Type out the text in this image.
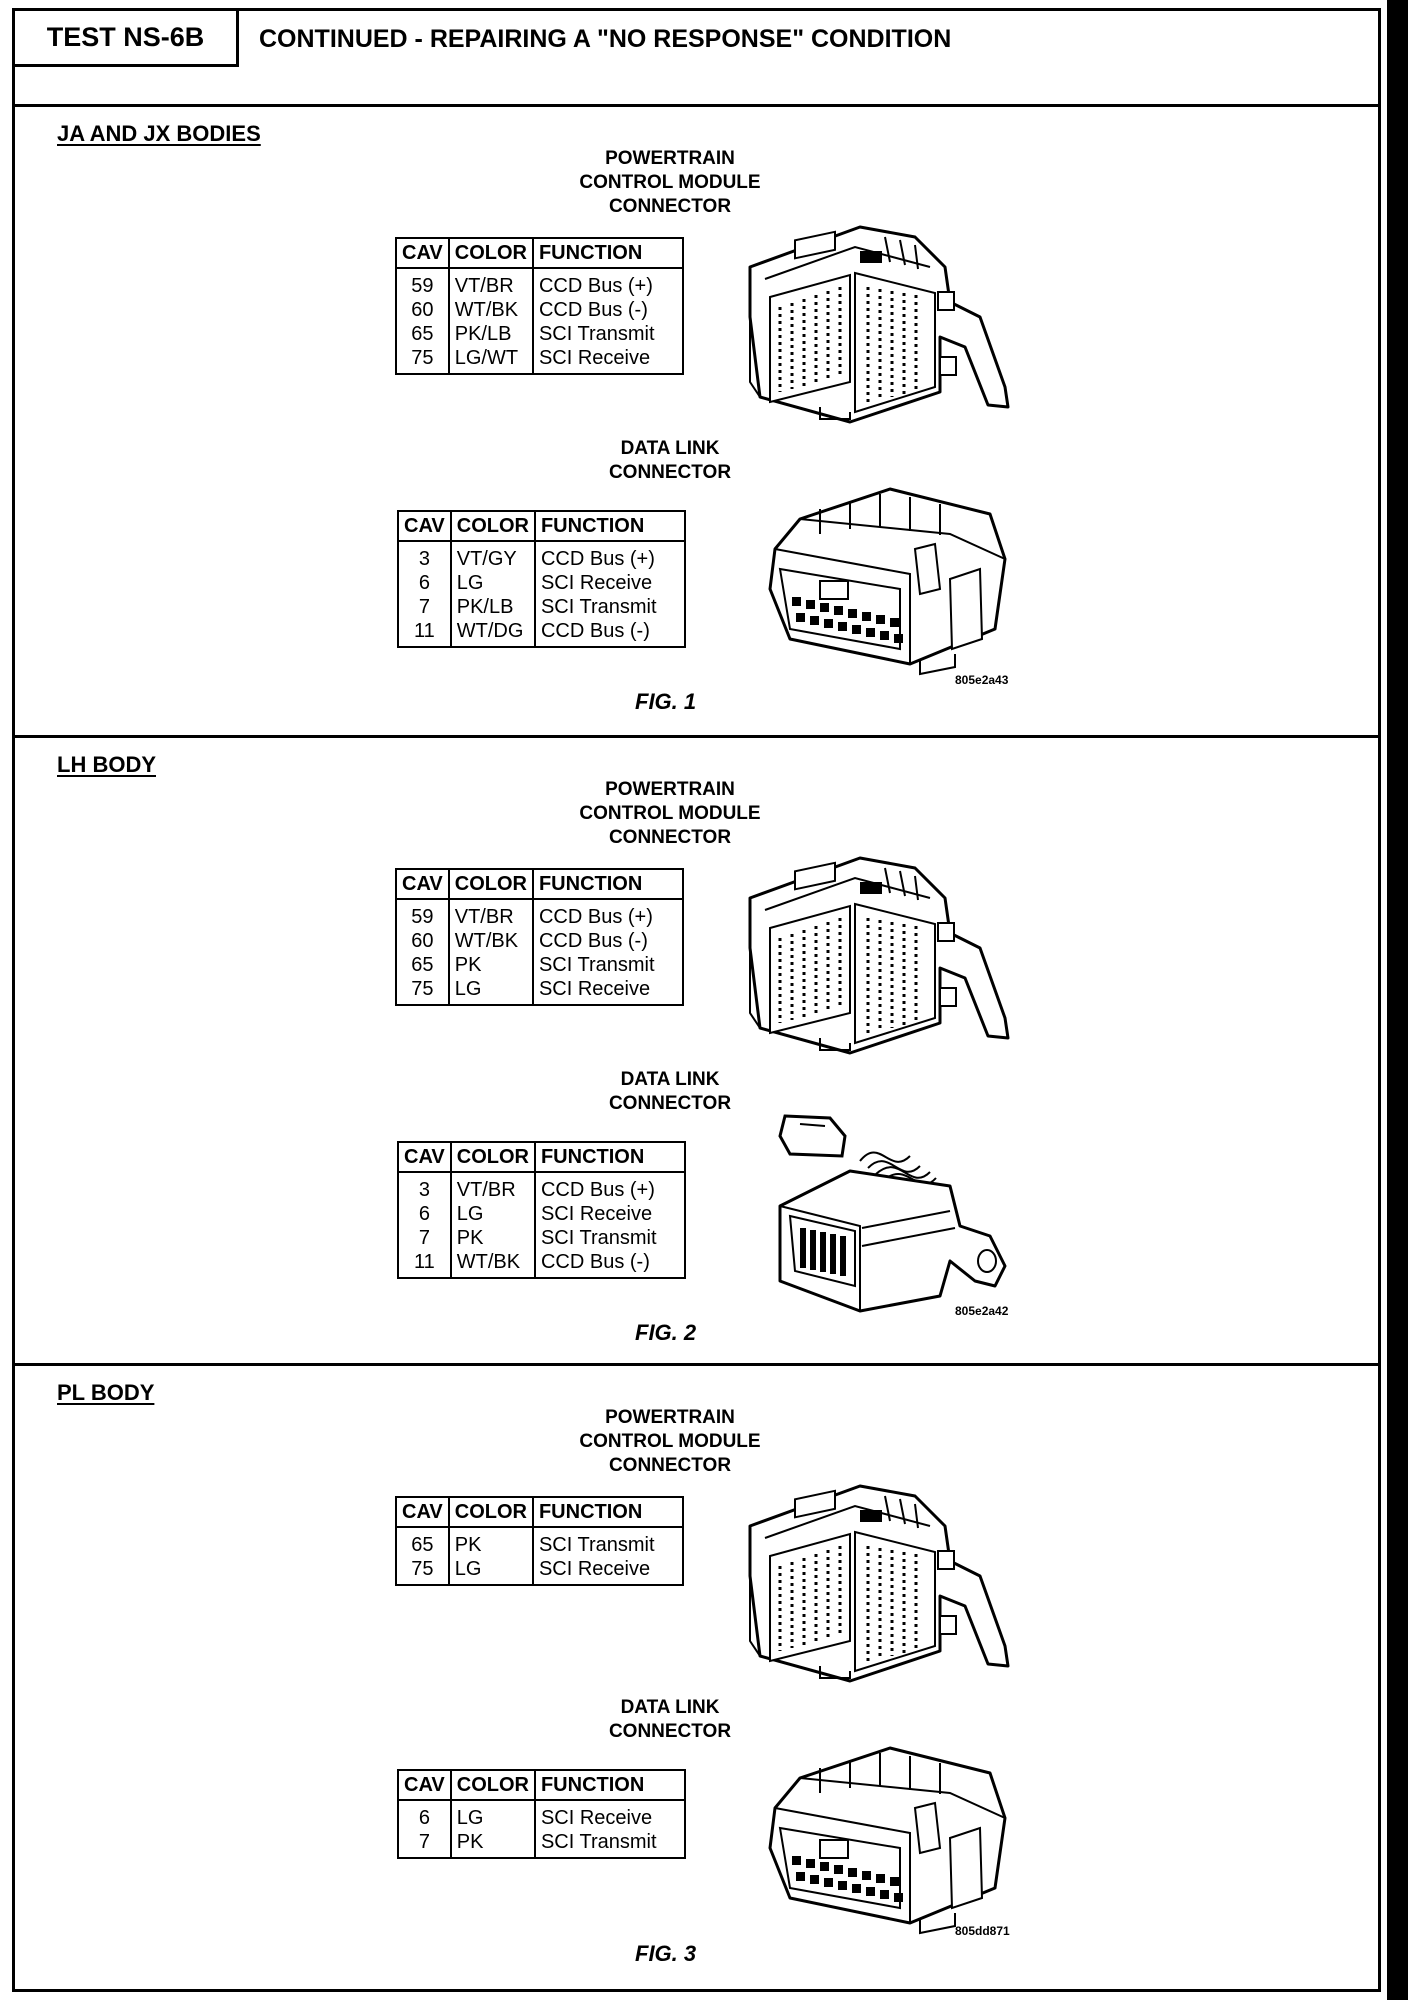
TEST NS-6B	CONTINUED - REPAIRING A "NO RESPONSE" CONDITION
JA AND JX BODIES
POWERTRAIN
CONTROL MODULE
CONNECTOR
CAV	COLOR	FUNCTION
59	VT/BR	CCD Bus (+)
60	WT/BK	CCD Bus (-)
65	PK/LB	SCI Transmit
75	LG/WT	SCI Receive
DATA LINK
CONNECTOR
CAV	COLOR	FUNCTION
3	VT/GY	CCD Bus (+)
6	LG	SCI Receive
7	PK/LB	SCI Transmit
11	WT/DG	CCD Bus (-)
FIG. 1
805e2a43
LH BODY
POWERTRAIN
CONTROL MODULE
CONNECTOR
CAV	COLOR	FUNCTION
59	VT/BR	CCD Bus (+)
60	WT/BK	CCD Bus (-)
65	PK	SCI Transmit
75	LG	SCI Receive
DATA LINK
CONNECTOR
CAV	COLOR	FUNCTION
3	VT/BR	CCD Bus (+)
6	LG	SCI Receive
7	PK	SCI Transmit
11	WT/BK	CCD Bus (-)
FIG. 2
805e2a42
PL BODY
POWERTRAIN
CONTROL MODULE
CONNECTOR
CAV	COLOR	FUNCTION
65	PK	SCI Transmit
75	LG	SCI Receive
DATA LINK
CONNECTOR
CAV	COLOR	FUNCTION
6	LG	SCI Receive
7	PK	SCI Transmit
FIG. 3
805dd871
